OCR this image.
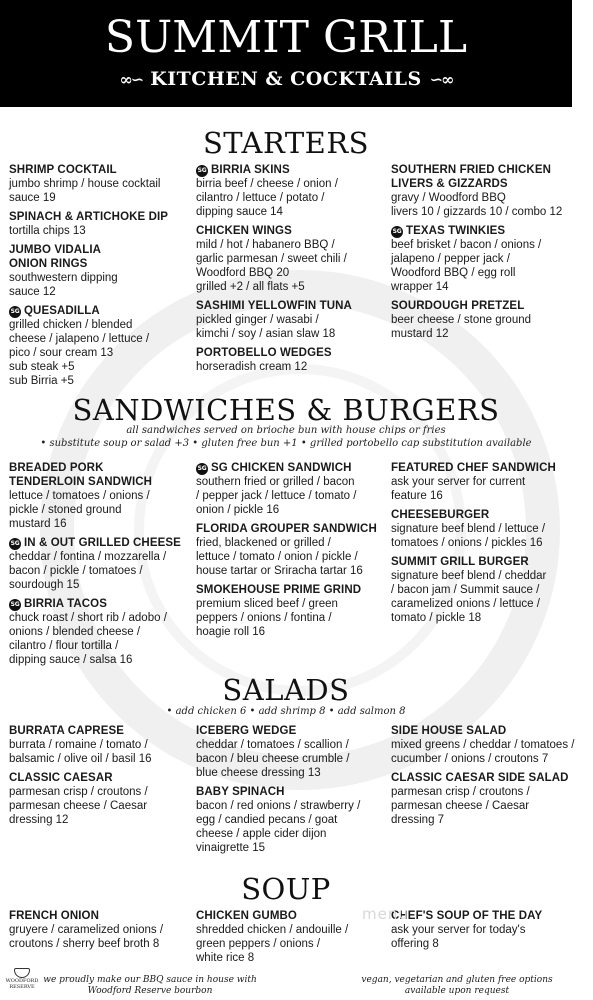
SUMMIT GRILL
∞∽ KITCHEN & COCKTAILS ∽∞
STARTERS
SHRIMP COCKTAIL
jumbo shrimp / house cocktail
sauce 19
SPINACH & ARTICHOKE DIP
tortilla chips 13
JUMBO VIDALIA
ONION RINGS
southwestern dipping
sauce 12
SG QUESADILLA
grilled chicken / blended
cheese / jalapeno / lettuce /
pico / sour cream 13
sub steak +5
sub Birria +5
SG BIRRIA SKINS
birria beef / cheese / onion /
cilantro / lettuce / potato /
dipping sauce 14
CHICKEN WINGS
mild / hot / habanero BBQ /
garlic parmesan / sweet chili /
Woodford BBQ 20
grilled +2 / all flats +5
SASHIMI YELLOWFIN TUNA
pickled ginger / wasabi /
kimchi / soy / asian slaw 18
PORTOBELLO WEDGES
horseradish cream 12
SOUTHERN FRIED CHICKEN
LIVERS & GIZZARDS
gravy / Woodford BBQ
livers 10 / gizzards 10 / combo 12
SG TEXAS TWINKIES
beef brisket / bacon / onions /
jalapeno / pepper jack /
Woodford BBQ / egg roll
wrapper 14
SOURDOUGH PRETZEL
beer cheese / stone ground
mustard 12
SANDWICHES & BURGERS
all sandwiches served on brioche bun with house chips or fries
• substitute soup or salad +3 • gluten free bun +1 • grilled portobello cap substitution available
BREADED PORK
TENDERLOIN SANDWICH
lettuce / tomatoes / onions /
pickle / stoned ground
mustard 16
SG IN & OUT GRILLED CHEESE
cheddar / fontina / mozzarella /
bacon / pickle / tomatoes /
sourdough 15
SG BIRRIA TACOS
chuck roast / short rib / adobo /
onions / blended cheese /
cilantro / flour tortilla /
dipping sauce / salsa 16
SG SG CHICKEN SANDWICH
southern fried or grilled / bacon
/ pepper jack / lettuce / tomato /
onion / pickle 16
FLORIDA GROUPER SANDWICH
fried, blackened or grilled /
lettuce / tomato / onion / pickle /
house tartar or Sriracha tartar 16
SMOKEHOUSE PRIME GRIND
premium sliced beef / green
peppers / onions / fontina /
hoagie roll 16
FEATURED CHEF SANDWICH
ask your server for current
feature 16
CHEESEBURGER
signature beef blend / lettuce /
tomatoes / onions / pickles 16
SUMMIT GRILL BURGER
signature beef blend / cheddar
/ bacon jam / Summit sauce /
caramelized onions / lettuce /
tomato / pickle 18
SALADS
• add chicken 6 • add shrimp 8 • add salmon 8
BURRATA CAPRESE
burrata / romaine / tomato /
balsamic / olive oil / basil 16
CLASSIC CAESAR
parmesan crisp / croutons /
parmesan cheese / Caesar
dressing 12
ICEBERG WEDGE
cheddar / tomatoes / scallion /
bacon / bleu cheese crumble /
blue cheese dressing 13
BABY SPINACH
bacon / red onions / strawberry /
egg / candied pecans / goat
cheese / apple cider dijon
vinaigrette 15
SIDE HOUSE SALAD
mixed greens / cheddar / tomatoes /
cucumber / onions / croutons 7
CLASSIC CAESAR SIDE SALAD
parmesan crisp / croutons /
parmesan cheese / Caesar
dressing 7
SOUP
FRENCH ONION
gruyere / caramelized onions /
croutons / sherry beef broth 8
CHICKEN GUMBO
shredded chicken / andouille /
green peppers / onions /
white rice 8
CHEF'S SOUP OF THE DAY
ask your server for today's
offering 8
menu
WOODFORD
RESERVE
we proudly make our BBQ sauce in house with
Woodford Reserve bourbon
vegan, vegetarian and gluten free options
available upon request
